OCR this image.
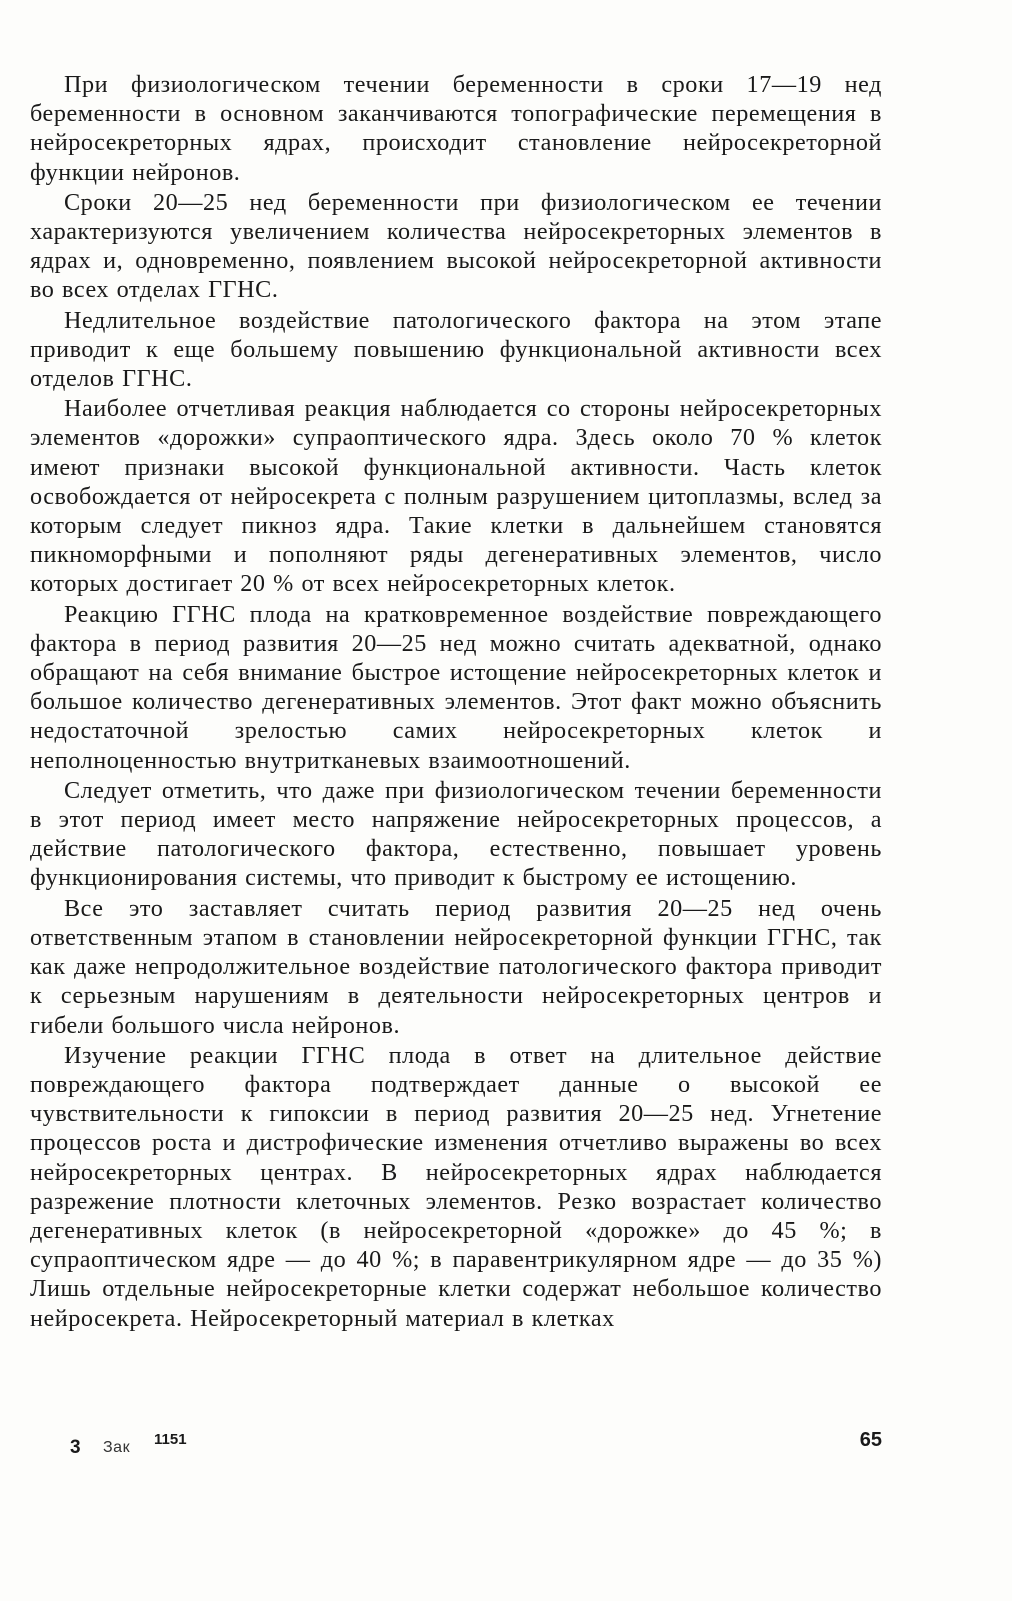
При физиологическом течении беременности в сроки 17—19 нед беременности в основном заканчиваются топографические перемещения в нейросекреторных ядрах, происходит становление нейросекреторной функции нейронов.

Сроки 20—25 нед беременности при физиологическом ее течении характеризуются увеличением количества нейросекреторных элементов в ядрах и, одновременно, появлением высокой нейросекреторной активности во всех отделах ГГНС.

Недлительное воздействие патологического фактора на этом этапе приводит к еще большему повышению функциональной активности всех отделов ГГНС.

Наиболее отчетливая реакция наблюдается со стороны нейросекреторных элементов «дорожки» супраоптического ядра. Здесь около 70 % клеток имеют признаки высокой функциональной активности. Часть клеток освобождается от нейросекрета с полным разрушением цитоплазмы, вслед за которым следует пикноз ядра. Такие клетки в дальнейшем становятся пикноморфными и пополняют ряды дегенеративных элементов, число которых достигает 20 % от всех нейросекреторных клеток.

Реакцию ГГНС плода на кратковременное воздействие повреждающего фактора в период развития 20—25 нед можно считать адекватной, однако обращают на себя внимание быстрое истощение нейросекреторных клеток и большое количество дегенеративных элементов. Этот факт можно объяснить недостаточной зрелостью самих нейросекреторных клеток и неполноценностью внутритканевых взаимоотношений.

Следует отметить, что даже при физиологическом течении беременности в этот период имеет место напряжение нейросекреторных процессов, а действие патологического фактора, естественно, повышает уровень функционирования системы, что приводит к быстрому ее истощению.

Все это заставляет считать период развития 20—25 нед очень ответственным этапом в становлении нейросекреторной функции ГГНС, так как даже непродолжительное воздействие патологического фактора приводит к серьезным нарушениям в деятельности нейросекреторных центров и гибели большого числа нейронов.

Изучение реакции ГГНС плода в ответ на длительное действие повреждающего фактора подтверждает данные о высокой ее чувствительности к гипоксии в период развития 20—25 нед. Угнетение процессов роста и дистрофические изменения отчетливо выражены во всех нейросекреторных центрах. В нейросекреторных ядрах наблюдается разрежение плотности клеточных элементов. Резко возрастает количество дегенеративных клеток (в нейросекреторной «дорожке» до 45 %; в супраоптическом ядре — до 40 %; в паравентрикулярном ядре — до 35 %) Лишь отдельные нейросекреторные клетки содержат небольшое количество нейросекрета. Нейросекреторный материал в клетках

3 Зак 1151	65
